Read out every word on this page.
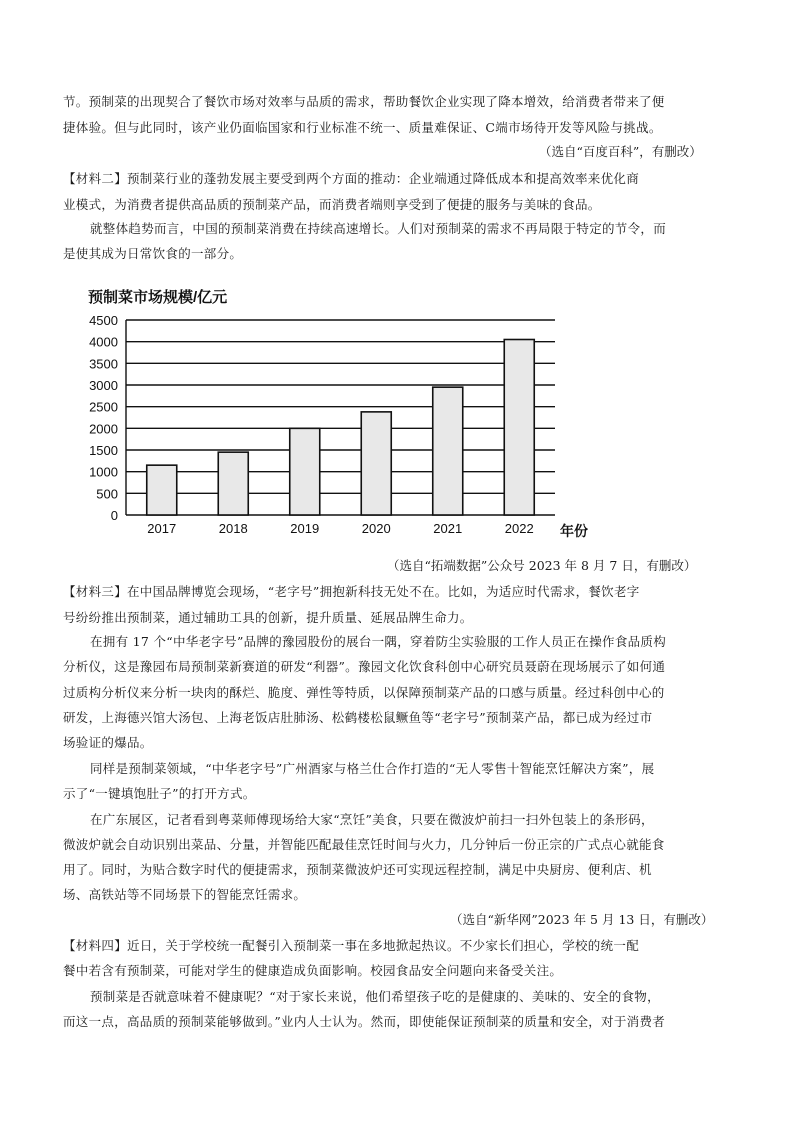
节。预制菜的出现契合了餐饮市场对效率与品质的需求，帮助餐饮企业实现了降本增效，给消费者带来了便
捷体验。但与此同时，该产业仍面临国家和行业标准不统一、质量难保证、C端市场待开发等风险与挑战。
（选自“百度百科”，有删改）
【材料二】预制菜行业的蓬勃发展主要受到两个方面的推动：企业端通过降低成本和提高效率来优化商
业模式，为消费者提供高品质的预制菜产品，而消费者端则享受到了便捷的服务与美味的食品。
就整体趋势而言，中国的预制菜消费在持续高速增长。人们对预制菜的需求不再局限于特定的节令，而
是使其成为日常饮食的一部分。
预制菜市场规模/亿元
0
500
1000
1500
2000
2500
3000
3500
4000
4500
2017	2018	2019	2020	2021	2022 年份
（选自“拓端数据”公众号 2023 年 8 月 7 日，有删改）
【材料三】在中国品牌博览会现场，“老字号”拥抱新科技无处不在。比如，为适应时代需求，餐饮老字
号纷纷推出预制菜，通过辅助工具的创新，提升质量、延展品牌生命力。
在拥有 17 个“中华老字号”品牌的豫园股份的展台一隅，穿着防尘实验服的工作人员正在操作食品质构
分析仪，这是豫园布局预制菜新赛道的研发“利器”。豫园文化饮食科创中心研究员聂蔚在现场展示了如何通
过质构分析仪来分析一块肉的酥烂、脆度、弹性等特质，以保障预制菜产品的口感与质量。经过科创中心的
研发，上海德兴馆大汤包、上海老饭店肚肺汤、松鹤楼松鼠鳜鱼等“老字号”预制菜产品，都已成为经过市
场验证的爆品。
同样是预制菜领域，“中华老字号”广州酒家与格兰仕合作打造的“无人零售十智能烹饪解决方案”，展
示了“一键填饱肚子”的打开方式。
在广东展区，记者看到粤菜师傅现场给大家“烹饪”美食，只要在微波炉前扫一扫外包装上的条形码，
微波炉就会自动识别出菜品、分量，并智能匹配最佳烹饪时间与火力，几分钟后一份正宗的广式点心就能食
用了。同时，为贴合数字时代的便捷需求，预制菜微波炉还可实现远程控制，满足中央厨房、便利店、机
场、高铁站等不同场景下的智能烹饪需求。
（选自“新华网”2023 年 5 月 13 日，有删改）
【材料四】近日，关于学校统一配餐引入预制菜一事在多地掀起热议。不少家长们担心，学校的统一配
餐中若含有预制菜，可能对学生的健康造成负面影响。校园食品安全问题向来备受关注。
预制菜是否就意味着不健康呢？“对于家长来说，他们希望孩子吃的是健康的、美味的、安全的食物，
而这一点，高品质的预制菜能够做到。”业内人士认为。然而，即使能保证预制菜的质量和安全，对于消费者
